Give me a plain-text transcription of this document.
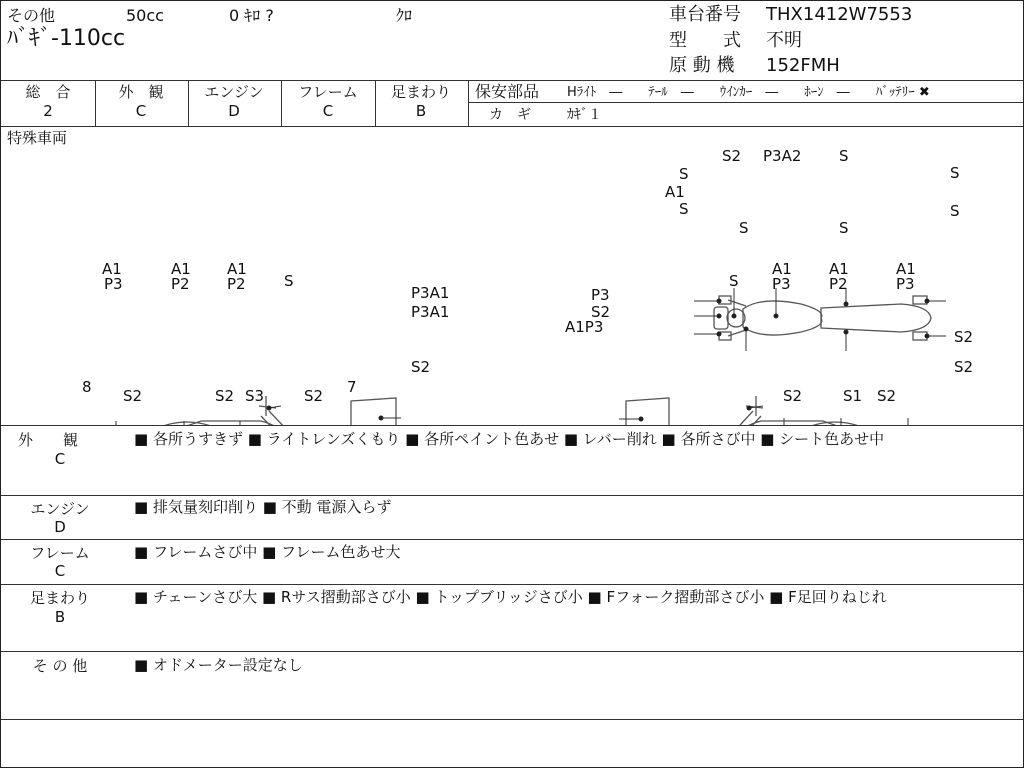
その他	50cc	0 ｷﾛ ?	ｸﾛ
ﾊﾞｷﾞ-110cc
車台番号 THX1412W7553
型　　式 不明
原 動 機 152FMH
総　合
2
外　観
C
エンジン
D
フレーム
C
足まわり
B
保安部品 Hﾗｲﾄ　―　　ﾃｰﾙ　―　　ｳｲﾝｶｰ　―　　ﾎｰﾝ　―　　ﾊﾞｯﾃﾘｰ ✖
カ　ギ	ｶｷﾞ１
特殊車両
S2 P3A2	S
S
A1
S
S	S
S
S
A1
P3
A1
P2
A1
P2	S
P3A1
P3A1
S2
8 S2	S2 S3	S2 7
P3
S2
A1P3
S
A1
P3
A1
P2
A1
P3
S2
S2
S2	S1 S2
外　　観
C
■ 各所うすきず ■ ライトレンズくもり ■ 各所ペイント色あせ ■ レバー削れ ■ 各所さび中 ■ シート色あせ中
エンジン
D
■ 排気量刻印削り ■ 不動 電源入らず
フレーム
C
■ フレームさび中 ■ フレーム色あせ大
足まわり
B
■ チェーンさび大 ■ Rサス摺動部さび小 ■ トップブリッジさび小 ■ Fフォーク摺動部さび小 ■ F足回りねじれ
そ の 他	■ オドメーター設定なし
